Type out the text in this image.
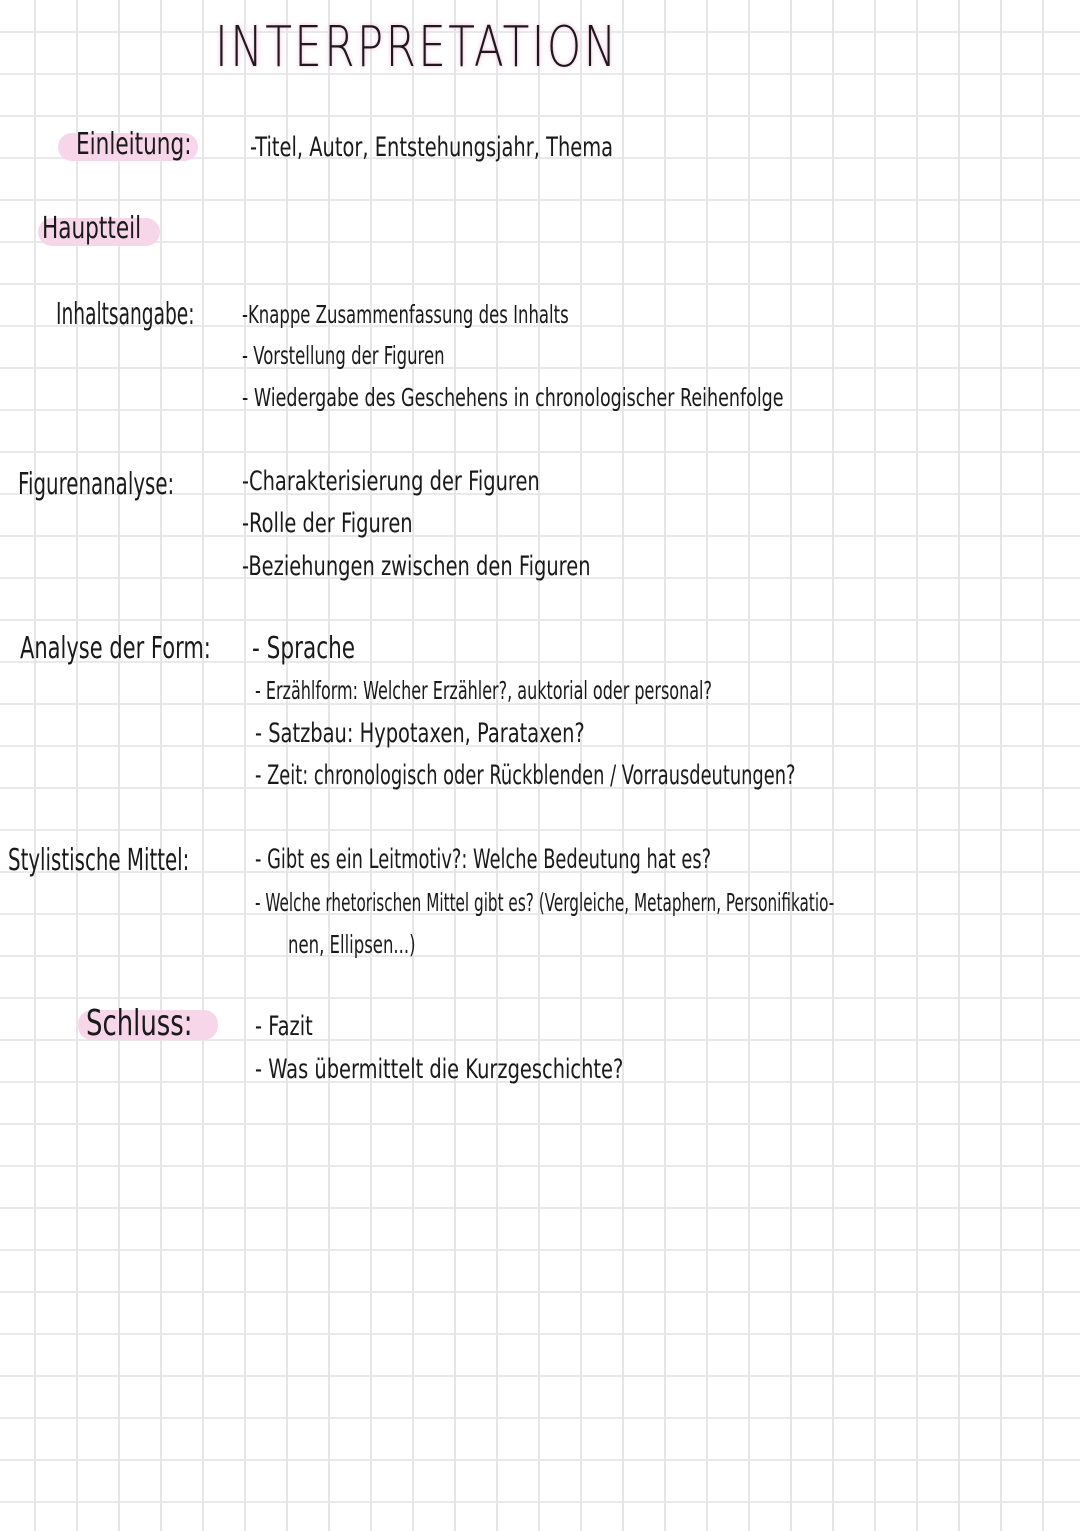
INTERPRETATION
Einleitung: -Titel, Autor, Entstehungsjahr, Thema
Hauptteil
Inhaltsangabe: -Knappe Zusammenfassung des Inhalts
- Vorstellung der Figuren
- Wiedergabe des Geschehens in chronologischer Reihenfolge
Figurenanalyse:	-Charakterisierung der Figuren
-Rolle der Figuren
-Beziehungen zwischen den Figuren
Analyse der Form: - Sprache
- Erzählform: Welcher Erzähler?, auktorial oder personal?
- Satzbau: Hypotaxen, Parataxen?
- Zeit: chronologisch oder Rückblenden / Vorrausdeutungen?
Stylistische Mittel: - Gibt es ein Leitmotiv?: Welche Bedeutung hat es?
- Welche rhetorischen Mittel gibt es? (Vergleiche, Metaphern, Personifikatio-
nen, Ellipsen...)
Schluss: - Fazit
- Was übermittelt die Kurzgeschichte?
